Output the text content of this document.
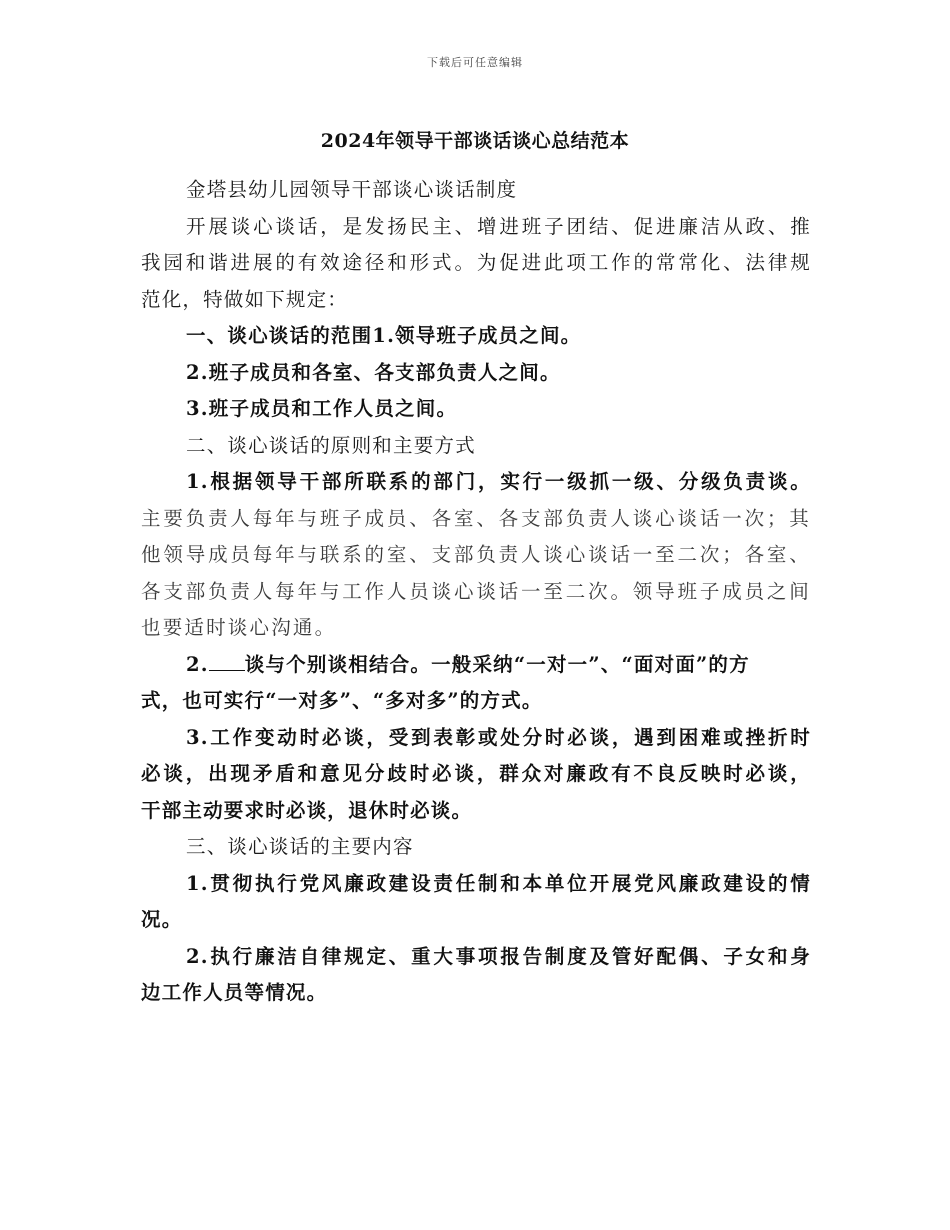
下载后可任意编辑
2024年领导干部谈话谈心总结范本
金塔县幼儿园领导干部谈心谈话制度
开展谈心谈话，是发扬民主、增进班子团结、促进廉洁从政、推
我园和谐进展的有效途径和形式。为促进此项工作的常常化、法律规
范化，特做如下规定：
一、谈心谈话的范围1.领导班子成员之间。
2.班子成员和各室、各支部负责人之间。
3.班子成员和工作人员之间。
二、谈心谈话的原则和主要方式
1.根据领导干部所联系的部门，实行一级抓一级、分级负责谈。
主要负责人每年与班子成员、各室、各支部负责人谈心谈话一次；其
他领导成员每年与联系的室、支部负责人谈心谈话一至二次；各室、
各支部负责人每年与工作人员谈心谈话一至二次。领导班子成员之间
也要适时谈心沟通。
2. 谈与个别谈相结合。一般采纳“一对一”、“面对面”的方
式，也可实行“一对多”、“多对多”的方式。
3.工作变动时必谈，受到表彰或处分时必谈，遇到困难或挫折时
必谈，出现矛盾和意见分歧时必谈，群众对廉政有不良反映时必谈，
干部主动要求时必谈，退休时必谈。
三、谈心谈话的主要内容
1.贯彻执行党风廉政建设责任制和本单位开展党风廉政建设的情
况。
2.执行廉洁自律规定、重大事项报告制度及管好配偶、子女和身
边工作人员等情况。
